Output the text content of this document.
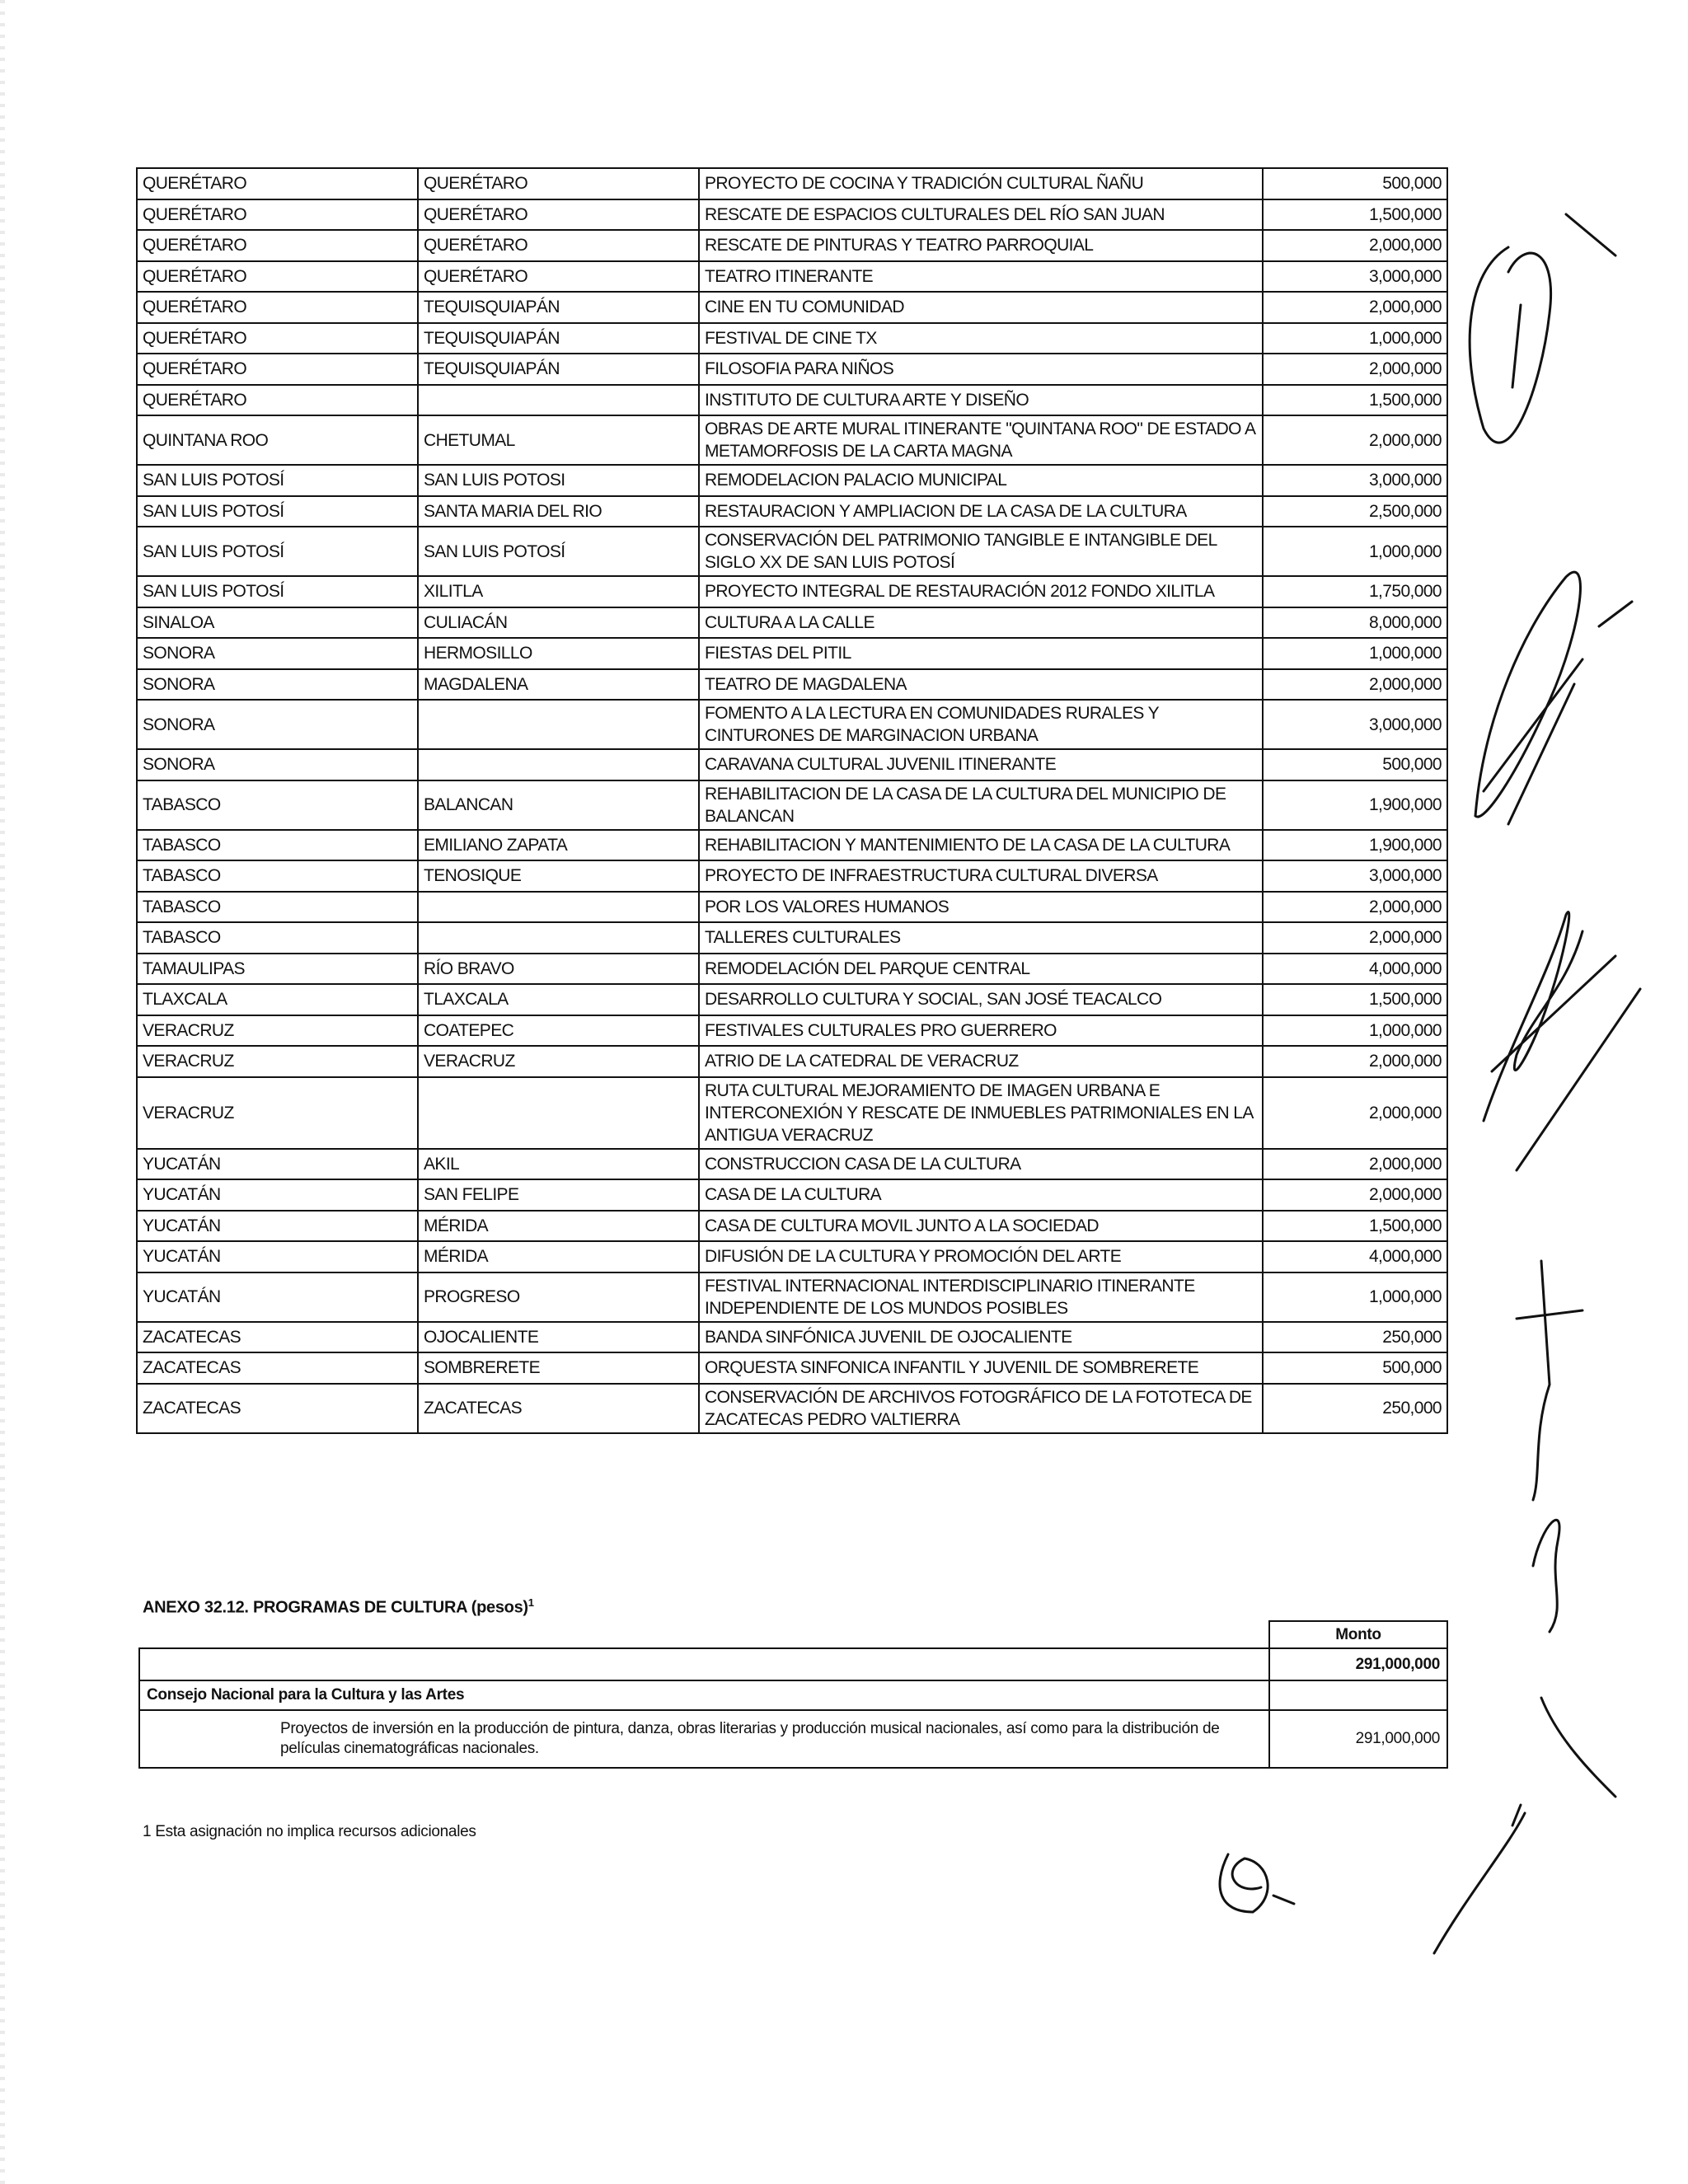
QUERÉTARO	QUERÉTARO	PROYECTO DE COCINA Y TRADICIÓN CULTURAL ÑAÑU	500,000
QUERÉTARO	QUERÉTARO	RESCATE DE ESPACIOS CULTURALES DEL RÍO SAN JUAN	1,500,000
QUERÉTARO	QUERÉTARO	RESCATE DE PINTURAS Y TEATRO PARROQUIAL	2,000,000
QUERÉTARO	QUERÉTARO	TEATRO ITINERANTE	3,000,000
QUERÉTARO	TEQUISQUIAPÁN	CINE EN TU COMUNIDAD	2,000,000
QUERÉTARO	TEQUISQUIAPÁN	FESTIVAL DE CINE TX	1,000,000
QUERÉTARO	TEQUISQUIAPÁN	FILOSOFIA PARA NIÑOS	2,000,000
QUERÉTARO		INSTITUTO DE CULTURA ARTE Y DISEÑO	1,500,000
QUINTANA ROO	CHETUMAL	OBRAS DE ARTE MURAL ITINERANTE "QUINTANA ROO" DE ESTADO A METAMORFOSIS DE LA CARTA MAGNA	2,000,000
SAN LUIS POTOSÍ	SAN LUIS POTOSI	REMODELACION PALACIO MUNICIPAL	3,000,000
SAN LUIS POTOSÍ	SANTA MARIA DEL RIO	RESTAURACION Y AMPLIACION DE LA CASA DE LA CULTURA	2,500,000
SAN LUIS POTOSÍ	SAN LUIS POTOSÍ	CONSERVACIÓN DEL PATRIMONIO TANGIBLE E INTANGIBLE DEL SIGLO XX DE SAN LUIS POTOSÍ	1,000,000
SAN LUIS POTOSÍ	XILITLA	PROYECTO INTEGRAL DE RESTAURACIÓN 2012 FONDO XILITLA	1,750,000
SINALOA	CULIACÁN	CULTURA A LA CALLE	8,000,000
SONORA	HERMOSILLO	FIESTAS DEL PITIL	1,000,000
SONORA	MAGDALENA	TEATRO DE MAGDALENA	2,000,000
SONORA		FOMENTO A LA LECTURA EN COMUNIDADES RURALES Y CINTURONES DE MARGINACION URBANA	3,000,000
SONORA		CARAVANA CULTURAL JUVENIL ITINERANTE	500,000
TABASCO	BALANCAN	REHABILITACION DE LA CASA DE LA CULTURA DEL MUNICIPIO DE BALANCAN	1,900,000
TABASCO	EMILIANO ZAPATA	REHABILITACION Y MANTENIMIENTO DE LA CASA DE LA CULTURA	1,900,000
TABASCO	TENOSIQUE	PROYECTO DE INFRAESTRUCTURA CULTURAL DIVERSA	3,000,000
TABASCO		POR LOS VALORES HUMANOS	2,000,000
TABASCO		TALLERES CULTURALES	2,000,000
TAMAULIPAS	RÍO BRAVO	REMODELACIÓN DEL PARQUE CENTRAL	4,000,000
TLAXCALA	TLAXCALA	DESARROLLO CULTURA Y SOCIAL, SAN JOSÉ TEACALCO	1,500,000
VERACRUZ	COATEPEC	FESTIVALES CULTURALES PRO GUERRERO	1,000,000
VERACRUZ	VERACRUZ	ATRIO DE LA CATEDRAL DE VERACRUZ	2,000,000
VERACRUZ		RUTA CULTURAL MEJORAMIENTO DE IMAGEN URBANA E INTERCONEXIÓN Y RESCATE DE INMUEBLES PATRIMONIALES EN LA ANTIGUA VERACRUZ	2,000,000
YUCATÁN	AKIL	CONSTRUCCION CASA DE LA CULTURA	2,000,000
YUCATÁN	SAN FELIPE	CASA DE LA CULTURA	2,000,000
YUCATÁN	MÉRIDA	CASA DE CULTURA MOVIL JUNTO A LA SOCIEDAD	1,500,000
YUCATÁN	MÉRIDA	DIFUSIÓN DE LA CULTURA Y PROMOCIÓN DEL ARTE	4,000,000
YUCATÁN	PROGRESO	FESTIVAL INTERNACIONAL INTERDISCIPLINARIO ITINERANTE INDEPENDIENTE DE LOS MUNDOS POSIBLES	1,000,000
ZACATECAS	OJOCALIENTE	BANDA SINFÓNICA JUVENIL DE OJOCALIENTE	250,000
ZACATECAS	SOMBRERETE	ORQUESTA SINFONICA INFANTIL Y JUVENIL DE SOMBRERETE	500,000
ZACATECAS	ZACATECAS	CONSERVACIÓN DE ARCHIVOS FOTOGRÁFICO DE LA FOTOTECA DE ZACATECAS PEDRO VALTIERRA	250,000
ANEXO 32.12. PROGRAMAS DE CULTURA (pesos)$^1$
	Monto
	291,000,000
Consejo Nacional para la Cultura y las Artes	
Proyectos de inversión en la producción de pintura, danza, obras literarias y producción musical nacionales, así como para la distribución de películas cinematográficas nacionales.	291,000,000
1 Esta asignación no implica recursos adicionales
